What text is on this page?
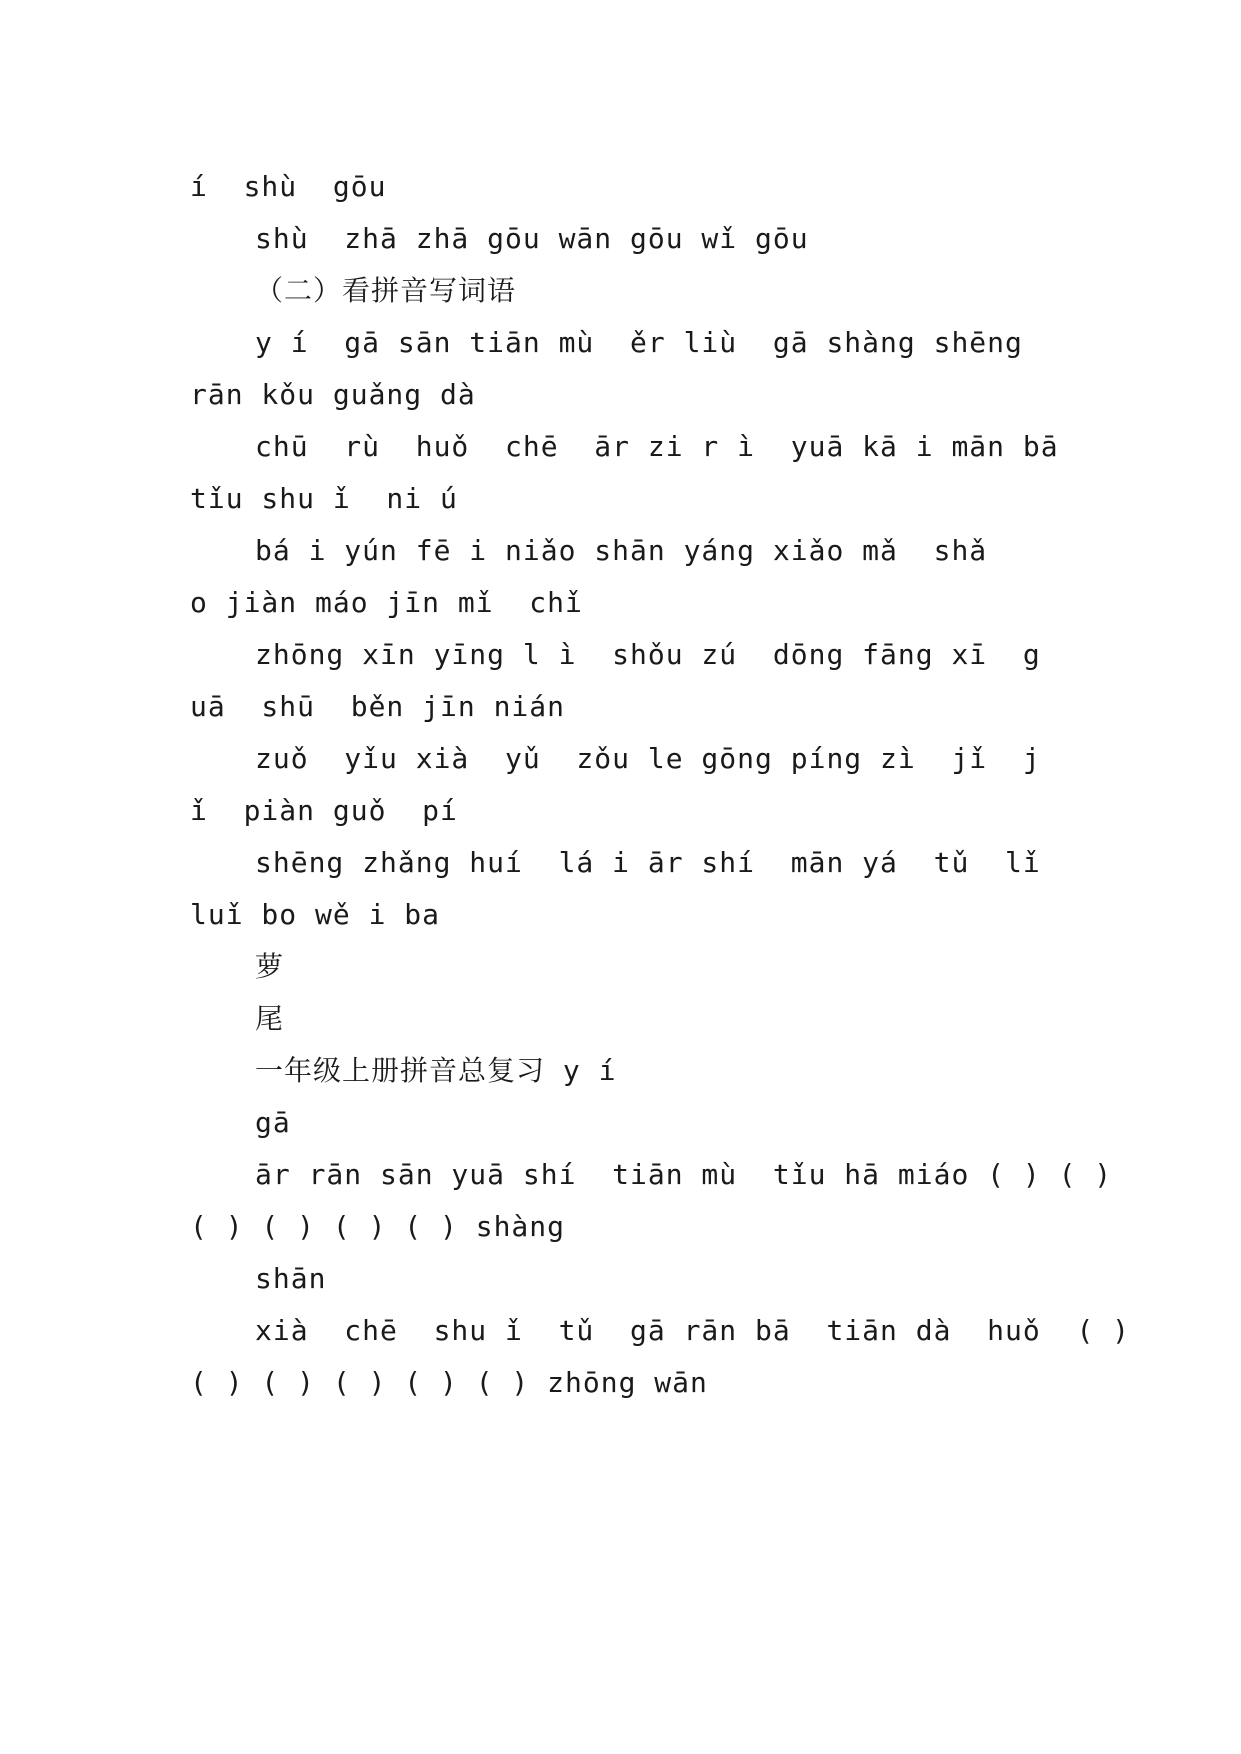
í  shù  gōu
shù  zhā zhā gōu wān gōu wǐ gōu
（二）看拼音写词语
y í  gā sān tiān mù  ěr liù  gā shàng shēng
rān kǒu guǎng dà
chū  rù  huǒ  chē  ār zi r ì  yuā kā i mān bā
tǐu shu ǐ  ni ú
bá i yún fē i niǎo shān yáng xiǎo mǎ  shǎ
o jiàn máo jīn mǐ  chǐ
zhōng xīn yīng l ì  shǒu zú  dōng fāng xī  g
uā  shū  běn jīn nián
zuǒ  yǐu xià  yǔ  zǒu le gōng píng zì  jǐ  j
ǐ  piàn guǒ  pí
shēng zhǎng huí  lá i ār shí  mān yá  tǔ  lǐ
luǐ bo wě i ba
萝
尾
一年级上册拼音总复习 y í
gā
ār rān sān yuā shí  tiān mù  tǐu hā miáo ( ) ( )
( ) ( ) ( ) ( ) shàng
shān
xià  chē  shu ǐ  tǔ  gā rān bā  tiān dà  huǒ  ( )
( ) ( ) ( ) ( ) ( ) zhōng wān
